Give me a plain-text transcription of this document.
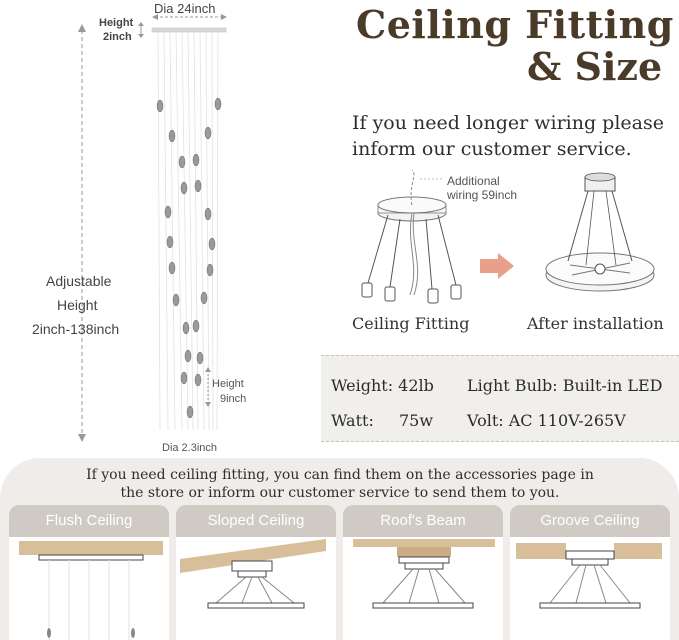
Dia 24inch
Height
2inch
Adjustable
Height
2inch-138inch
Height
9inch
Dia 2.3inch
Ceiling Fitting
& Size
If you need longer wiring please inform our customer service.
Additional
wiring 59inch
Ceiling Fitting	After installation
Weight: 42lb Light Bulb: Built-in LED
Watt: 75w Volt: AC 110V-265V
If you need ceiling fitting, you can find them on the accessories page in
the store or inform our customer service to send them to you.
Flush Ceiling	Sloped Ceiling	Roof's Beam	Groove Ceiling
